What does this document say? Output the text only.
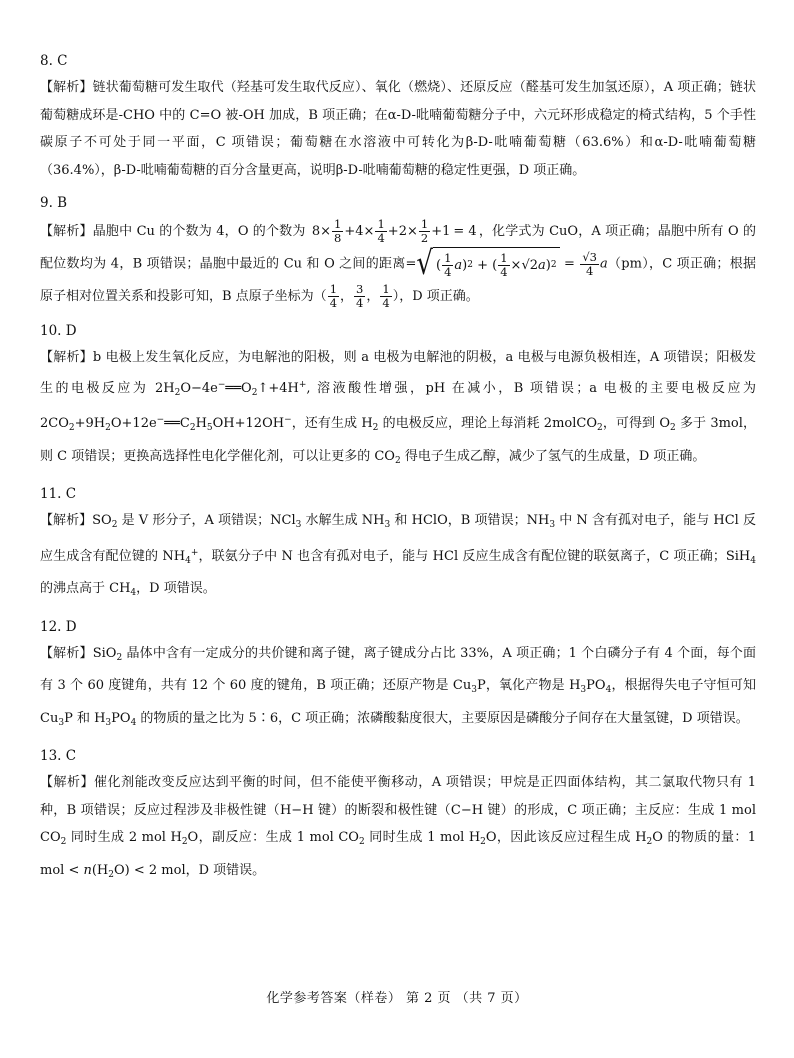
8. C

【解析】链状葡萄糖可发生取代（羟基可发生取代反应）、氧化（燃烧）、还原反应（醛基可发生加氢还原），A 项正确；链状葡萄糖成环是-CHO 中的 C=O 被-OH 加成，B 项正确；在α-D-吡喃葡萄糖分子中，六元环形成稳定的椅式结构，5 个手性碳原子不可处于同一平面，C 项错误；葡萄糖在水溶液中可转化为β-D-吡喃葡萄糖（63.6%）和α-D-吡喃葡萄糖（36.4%），β-D-吡喃葡萄糖的百分含量更高，说明β-D-吡喃葡萄糖的稳定性更强，D 项正确。

9. B

【解析】晶胞中 Cu 的个数为 4，O 的个数为 $8\times \frac{1}{8} +4\times \frac{1}{4} +2\times \frac{1}{2} +1 = 4$ ，化学式为 CuO，A 项正确；晶胞中所有 O 的配位数均为 4，B 项错误；晶胞中最近的 Cu 和 O 之间的距离= √ ( $\frac{1}{4}$ a ) 2 + ( $\frac{1}{4} \times √2$ a ) $2 = \frac{√3}{4} a(pm)$，C 项正确；根据原子相对位置关系和投影可知，B 点原子坐标为（ $\frac{1}{4}$ ， $\frac{3}{4}$ ， $\frac{1}{4}$ ），D 项正确。

10. D

【解析】b 电极上发生氧化反应，为电解池的阳极，则 a 电极为电解池的阴极，a 电极与电源负极相连，A 项错误；阳极发生的电极反应为 $2H_2O-4e^-══O_2↑+4H^+$, 溶液酸性增强，pH 在减小，B 项错误；a 电极的主要电极反应为 $2CO_2+9H_2O+12e^-══C_2H_5OH+12OH^-$，还有生成 $H_2$ 的电极反应，理论上每消耗 2molCO$_2$，可得到 $O_2$ 多于 3mol，则 C 项错误；更换高选择性电化学催化剂，可以让更多的 $CO_2$ 得电子生成乙醇，减少了氢气的生成量，D 项正确。

11. C

【解析】$SO_2$ 是 V 形分子，A 项错误；NCl$_3$ 水解生成 $NH_3$ 和 HClO，B 项错误；$NH_3$ 中 N 含有孤对电子，能与 HCl 反应生成含有配位键的 $NH_4^+$，联氨分子中 N 也含有孤对电子，能与 HCl 反应生成含有配位键的联氨离子，C 项正确；SiH$_4$ 的沸点高于 $CH_4$，D 项错误。

12. D

【解析】SiO$_2$ 晶体中含有一定成分的共价键和离子键，离子键成分占比 33%，A 项正确；1 个白磷分子有 4 个面，每个面有 3 个 60 度键角，共有 12 个 60 度的键角，B 项正确；还原产物是 $Cu_3P$，氧化产物是 $H_3PO_4$，根据得失电子守恒可知 $Cu_3P$ 和 $H_3PO_4$ 的物质的量之比为 5∶6，C 项正确；浓磷酸黏度很大，主要原因是磷酸分子间存在大量氢键，D 项错误。

13. C

【解析】催化剂能改变反应达到平衡的时间，但不能使平衡移动，A 项错误；甲烷是正四面体结构，其二氯取代物只有 1 种，B 项错误；反应过程涉及非极性键（H−H 键）的断裂和极性键（C−H 键）的形成，C 项正确；主反应：生成 1 mol $CO_2$ 同时生成 2 mol $H_2O$，副反应：生成 1 mol $CO_2$ 同时生成 1 mol $H_2O$，因此该反应过程生成 $H_2O$ 的物质的量：1 mol < $n(H_2O) < 2$ mol，D 项错误。

化学参考答案（样卷） 第 2 页 （共 7 页）
